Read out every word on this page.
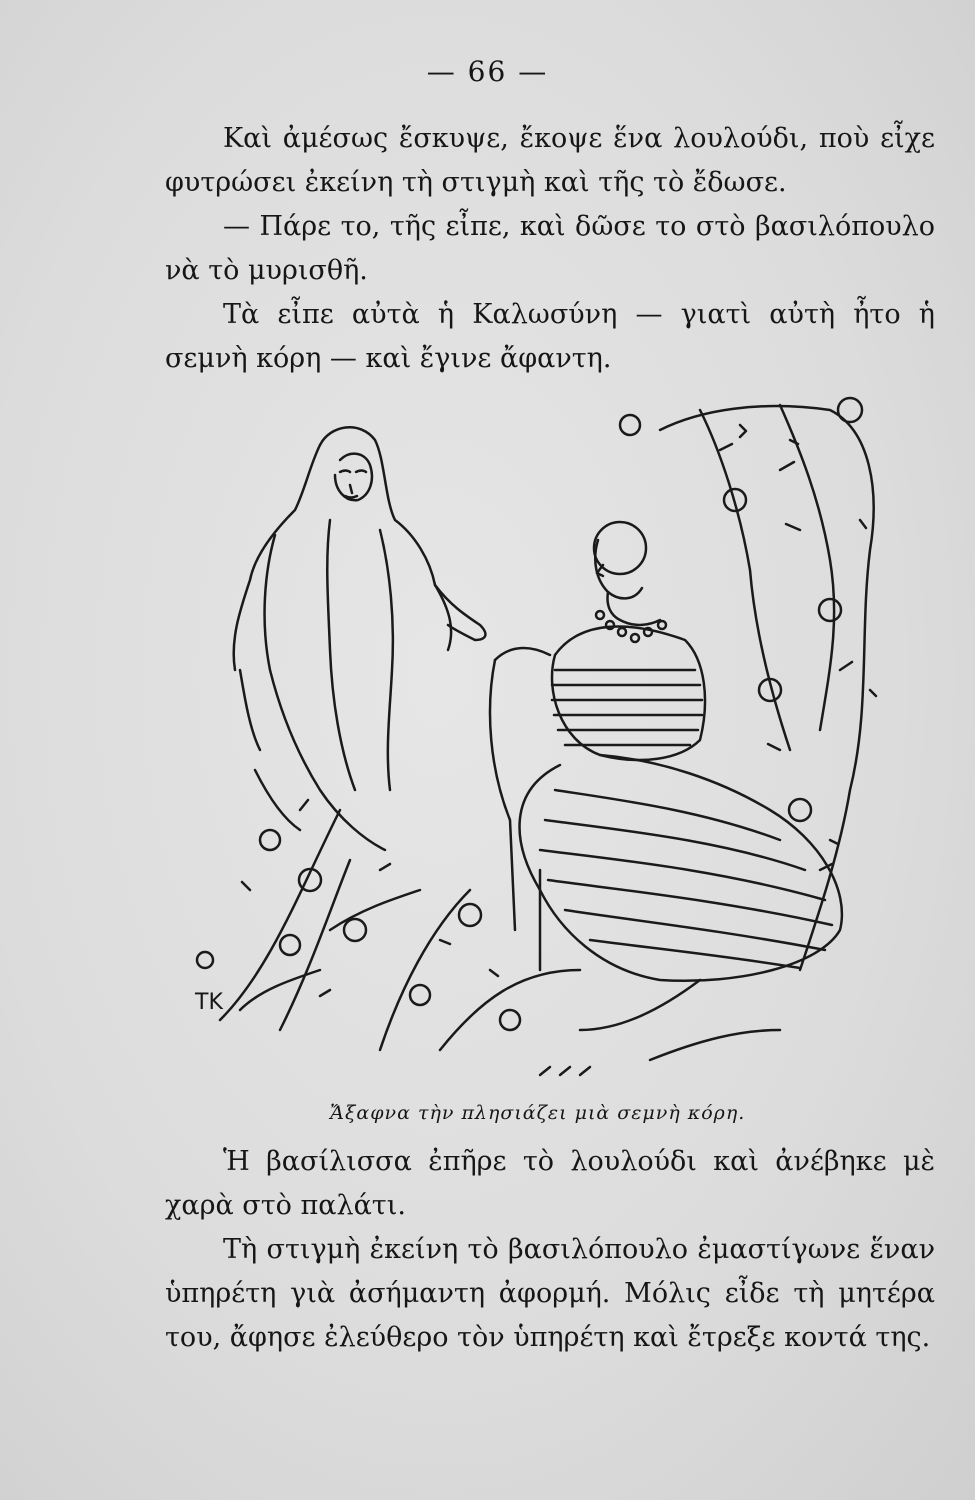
— 66 —

Καὶ ἀμέσως ἔσκυψε, ἔκοψε ἕνα λουλούδι, ποὺ εἶχε φυτρώσει ἐκείνη τὴ στιγμὴ καὶ τῆς τὸ ἔδωσε.

— Πάρε το, τῆς εἶπε, καὶ δῶσε το στὸ βασιλόπουλο νὰ τὸ μυρισθῆ.

Τὰ εἶπε αὐτὰ ἡ Καλωσύνη — γιατὶ αὐτὴ ἦτο ἡ σεμνὴ κόρη — καὶ ἔγινε ἄφαντη.

TK
Ἄξαφνα τὴν πλησιάζει μιὰ σεμνὴ κόρη.

Ἡ βασίλισσα ἐπῆρε τὸ λουλούδι καὶ ἀνέβηκε μὲ χαρὰ στὸ παλάτι.

Τὴ στιγμὴ ἐκείνη τὸ βασιλόπουλο ἐμαστίγωνε ἕναν ὑπηρέτη γιὰ ἀσήμαντη ἀφορμή. Μόλις εἶδε τὴ μητέρα του, ἄφησε ἐλεύθερο τὸν ὑπηρέτη καὶ ἔτρεξε κοντά της.
